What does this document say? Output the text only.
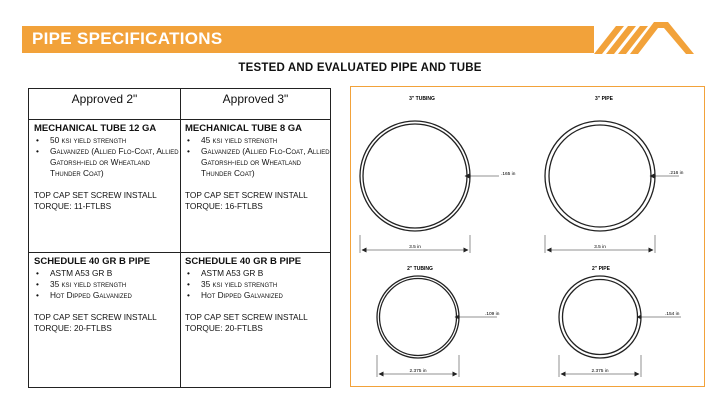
PIPE SPECIFICATIONS
TESTED AND EVALUATED PIPE AND TUBE
Approved 2"	Approved 3"
MECHANICAL TUBE 12 GA
• 50 ksi yield strength
• Galvanized (Allied Flo-Coat, Allied Gatorsh-ield or Wheatland Thunder Coat)
TOP CAP SET SCREW INSTALL
TORQUE: 11-FTLBS
MECHANICAL TUBE 8 GA
• 45 ksi yield strength
• Galvanized (Allied Flo-Coat, Allied Gatorsh-ield or Wheatland Thunder Coat)
TOP CAP SET SCREW INSTALL
TORQUE: 16-FTLBS
SCHEDULE 40 GR B PIPE
• ASTM A53 GR B
• 35 ksi yield strength
• Hot Dipped Galvanized
TOP CAP SET SCREW INSTALL
TORQUE: 20-FTLBS
SCHEDULE 40 GR B PIPE
• ASTM A53 GR B
• 35 ksi yield strength
• Hot Dipped Galvanized
TOP CAP SET SCREW INSTALL
TORQUE: 20-FTLBS
3" TUBING
.165 in
3.5 in
3" PIPE
.216 in
3.5 in
2" TUBING
.109 in
2.375 in
2" PIPE
.154 in
2.375 in
